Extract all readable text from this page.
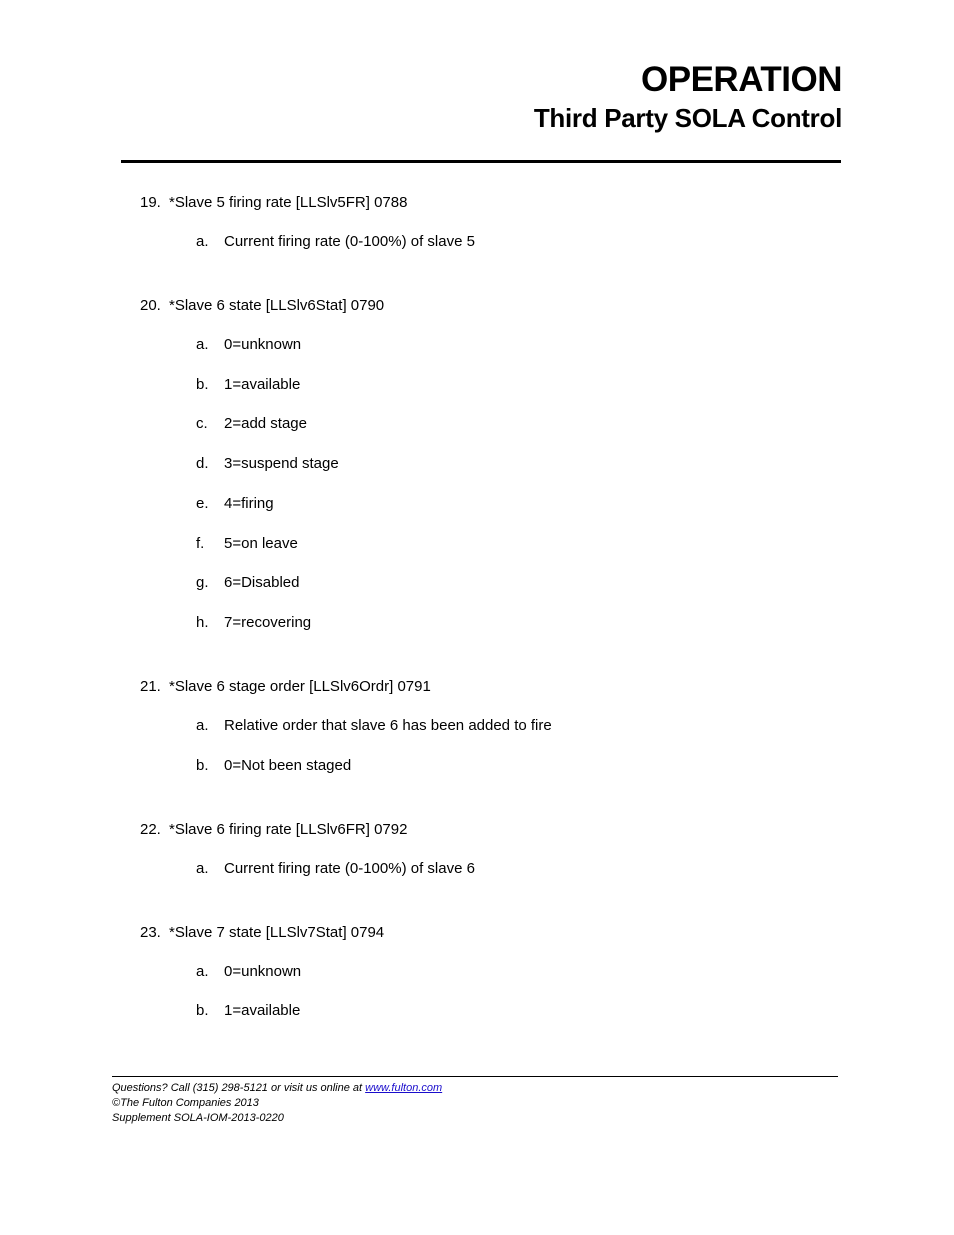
OPERATION
Third Party SOLA Control
19. *Slave 5 firing rate [LLSlv5FR] 0788
a. Current firing rate (0-100%) of slave 5
20. *Slave 6 state [LLSlv6Stat] 0790
a. 0=unknown
b. 1=available
c. 2=add stage
d. 3=suspend stage
e. 4=firing
f. 5=on leave
g. 6=Disabled
h. 7=recovering
21. *Slave 6 stage order [LLSlv6Ordr] 0791
a. Relative order that slave 6 has been added to fire
b. 0=Not been staged
22. *Slave 6 firing rate [LLSlv6FR] 0792
a. Current firing rate (0-100%) of slave 6
23. *Slave 7 state [LLSlv7Stat] 0794
a. 0=unknown
b. 1=available
Questions? Call (315) 298-5121 or visit us online at www.fulton.com
©The Fulton Companies 2013
Supplement SOLA-IOM-2013-0220
